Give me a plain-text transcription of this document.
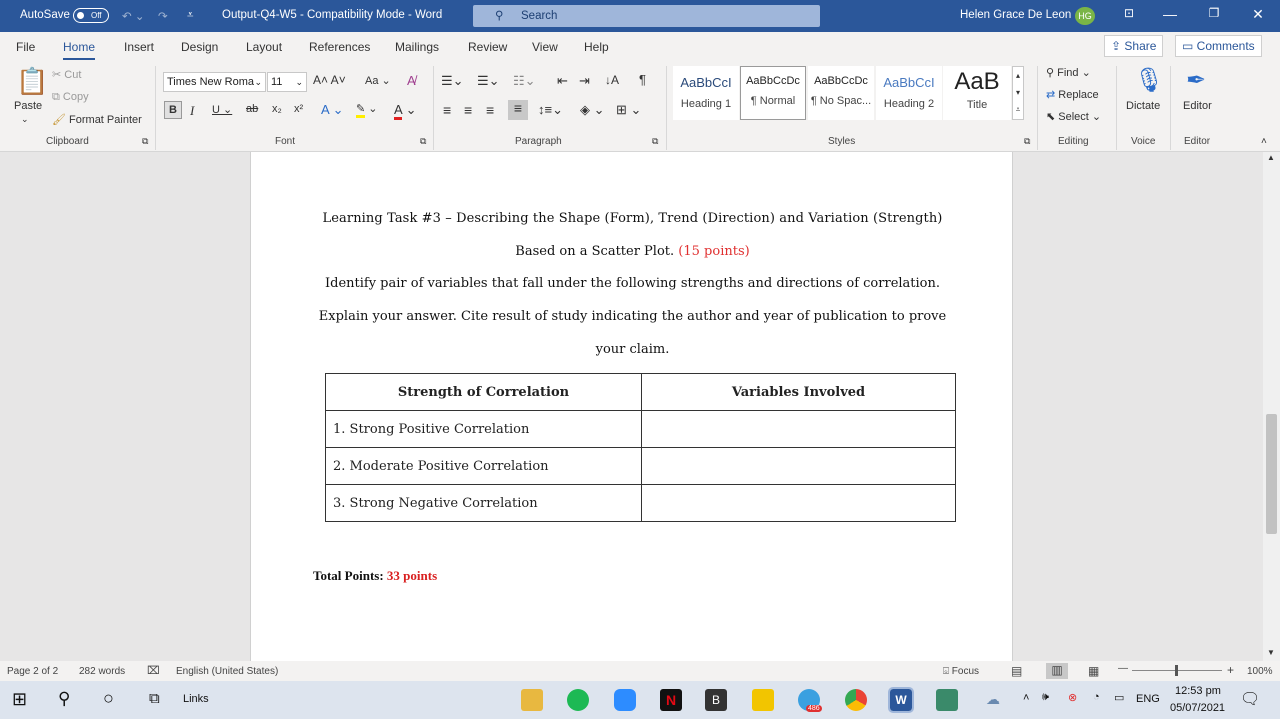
AutoSave	Off	↶ ⌄ ↷ ⩡ Output-Q4-W5 - Compatibility Mode - Word	⚲ Search	Helen Grace De Leon HG	⊡	—	❐	✕
File Home Insert Design Layout References Mailings Review View Help	⇪ Share	▭ Comments
📋
Paste
⌄
✂ Cut
⧉ Copy
🖌 Format Painter
Clipboard	⧉
Times New Roma ⌄ 11 ⌄ A˄ A˅ Aa ⌄ A̸
B	I U ⌄ ab x₂ x² A ⌄ ✎ ⌄ A ⌄
Font	⧉
☰⌄ ☰⌄ ☷⌄ ⇤ ⇥ ↓A ¶
≡ ≡ ≡	≡	↕≡⌄ ◈ ⌄ ⊞ ⌄
Paragraph	⧉
AaBbCcI
Heading 1
AaBbCcDc
¶ Normal
AaBbCcDc
¶ No Spac...
AaBbCcI
Heading 2
AaB
Title
▴
▾
⩡
Styles	⧉
⚲ Find ⌄
⇄ Replace
⬉ Select ⌄
Editing
🎙
Dictate
Voice
✒
Editor
Editor	˄
Learning Task #3 – Describing the Shape (Form), Trend (Direction) and Variation (Strength)
Based on a Scatter Plot. (15 points)
Identify pair of variables that fall under the following strengths and directions of correlation.
Explain your answer. Cite result of study indicating the author and year of publication to prove
your claim.
Strength of Correlation	Variables Involved
1. Strong Positive Correlation	
2. Moderate Positive Correlation	
3. Strong Negative Correlation	
Total Points: 33 points
▲
▼
Page 2 of 2 282 words ⌧ English (United States)	⌺ Focus	▤	▥	▦ —	+ 100%
⊞ ⚲ ○ ⧉ Links	N	B
486
W	☁ ˄ 🕪 ⊗ ◔ ▭ ENG
12:53 pm
05/07/2021 🗨
